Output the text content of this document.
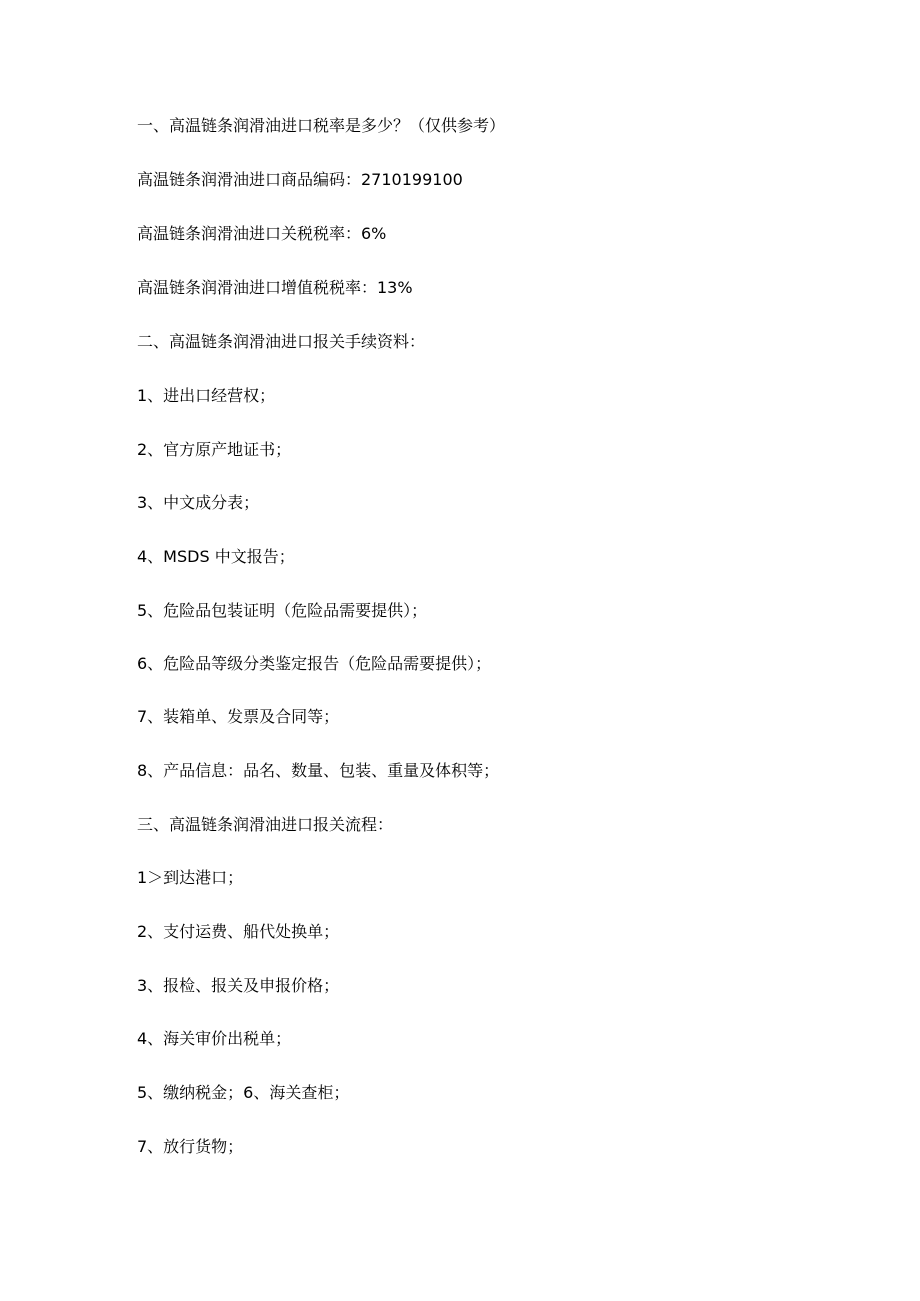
一、高温链条润滑油进口税率是多少？（仅供参考）

高温链条润滑油进口商品编码：2710199100

高温链条润滑油进口关税税率：6%

高温链条润滑油进口增值税税率：13%

二、高温链条润滑油进口报关手续资料：

1、进出口经营权；

2、官方原产地证书；

3、中文成分表；

4、MSDS 中文报告；

5、危险品包装证明（危险品需要提供）；

6、危险品等级分类鉴定报告（危险品需要提供）；

7、装箱单、发票及合同等；

8、产品信息：品名、数量、包装、重量及体积等；

三、高温链条润滑油进口报关流程：

1＞到达港口；

2、支付运费、船代处换单；

3、报检、报关及申报价格；

4、海关审价出税单；

5、缴纳税金；6、海关查柜；

7、放行货物；
